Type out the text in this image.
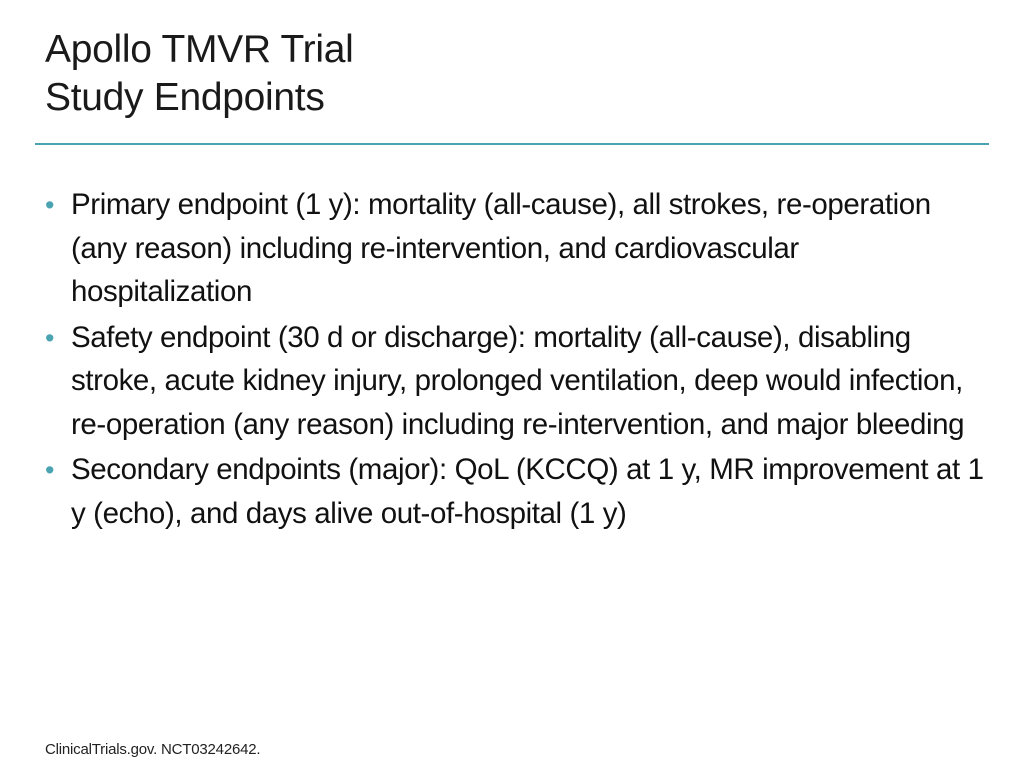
Apollo TMVR Trial
Study Endpoints
• Primary endpoint (1 y): mortality (all-cause), all strokes, re-operation (any reason) including re-intervention, and cardiovascular hospitalization
• Safety endpoint (30 d or discharge): mortality (all-cause), disabling stroke, acute kidney injury, prolonged ventilation, deep would infection, re-operation (any reason) including re-intervention, and major bleeding
• Secondary endpoints (major): QoL (KCCQ) at 1 y, MR improvement at 1 y (echo), and days alive out-of-hospital (1 y)
ClinicalTrials.gov. NCT03242642.
